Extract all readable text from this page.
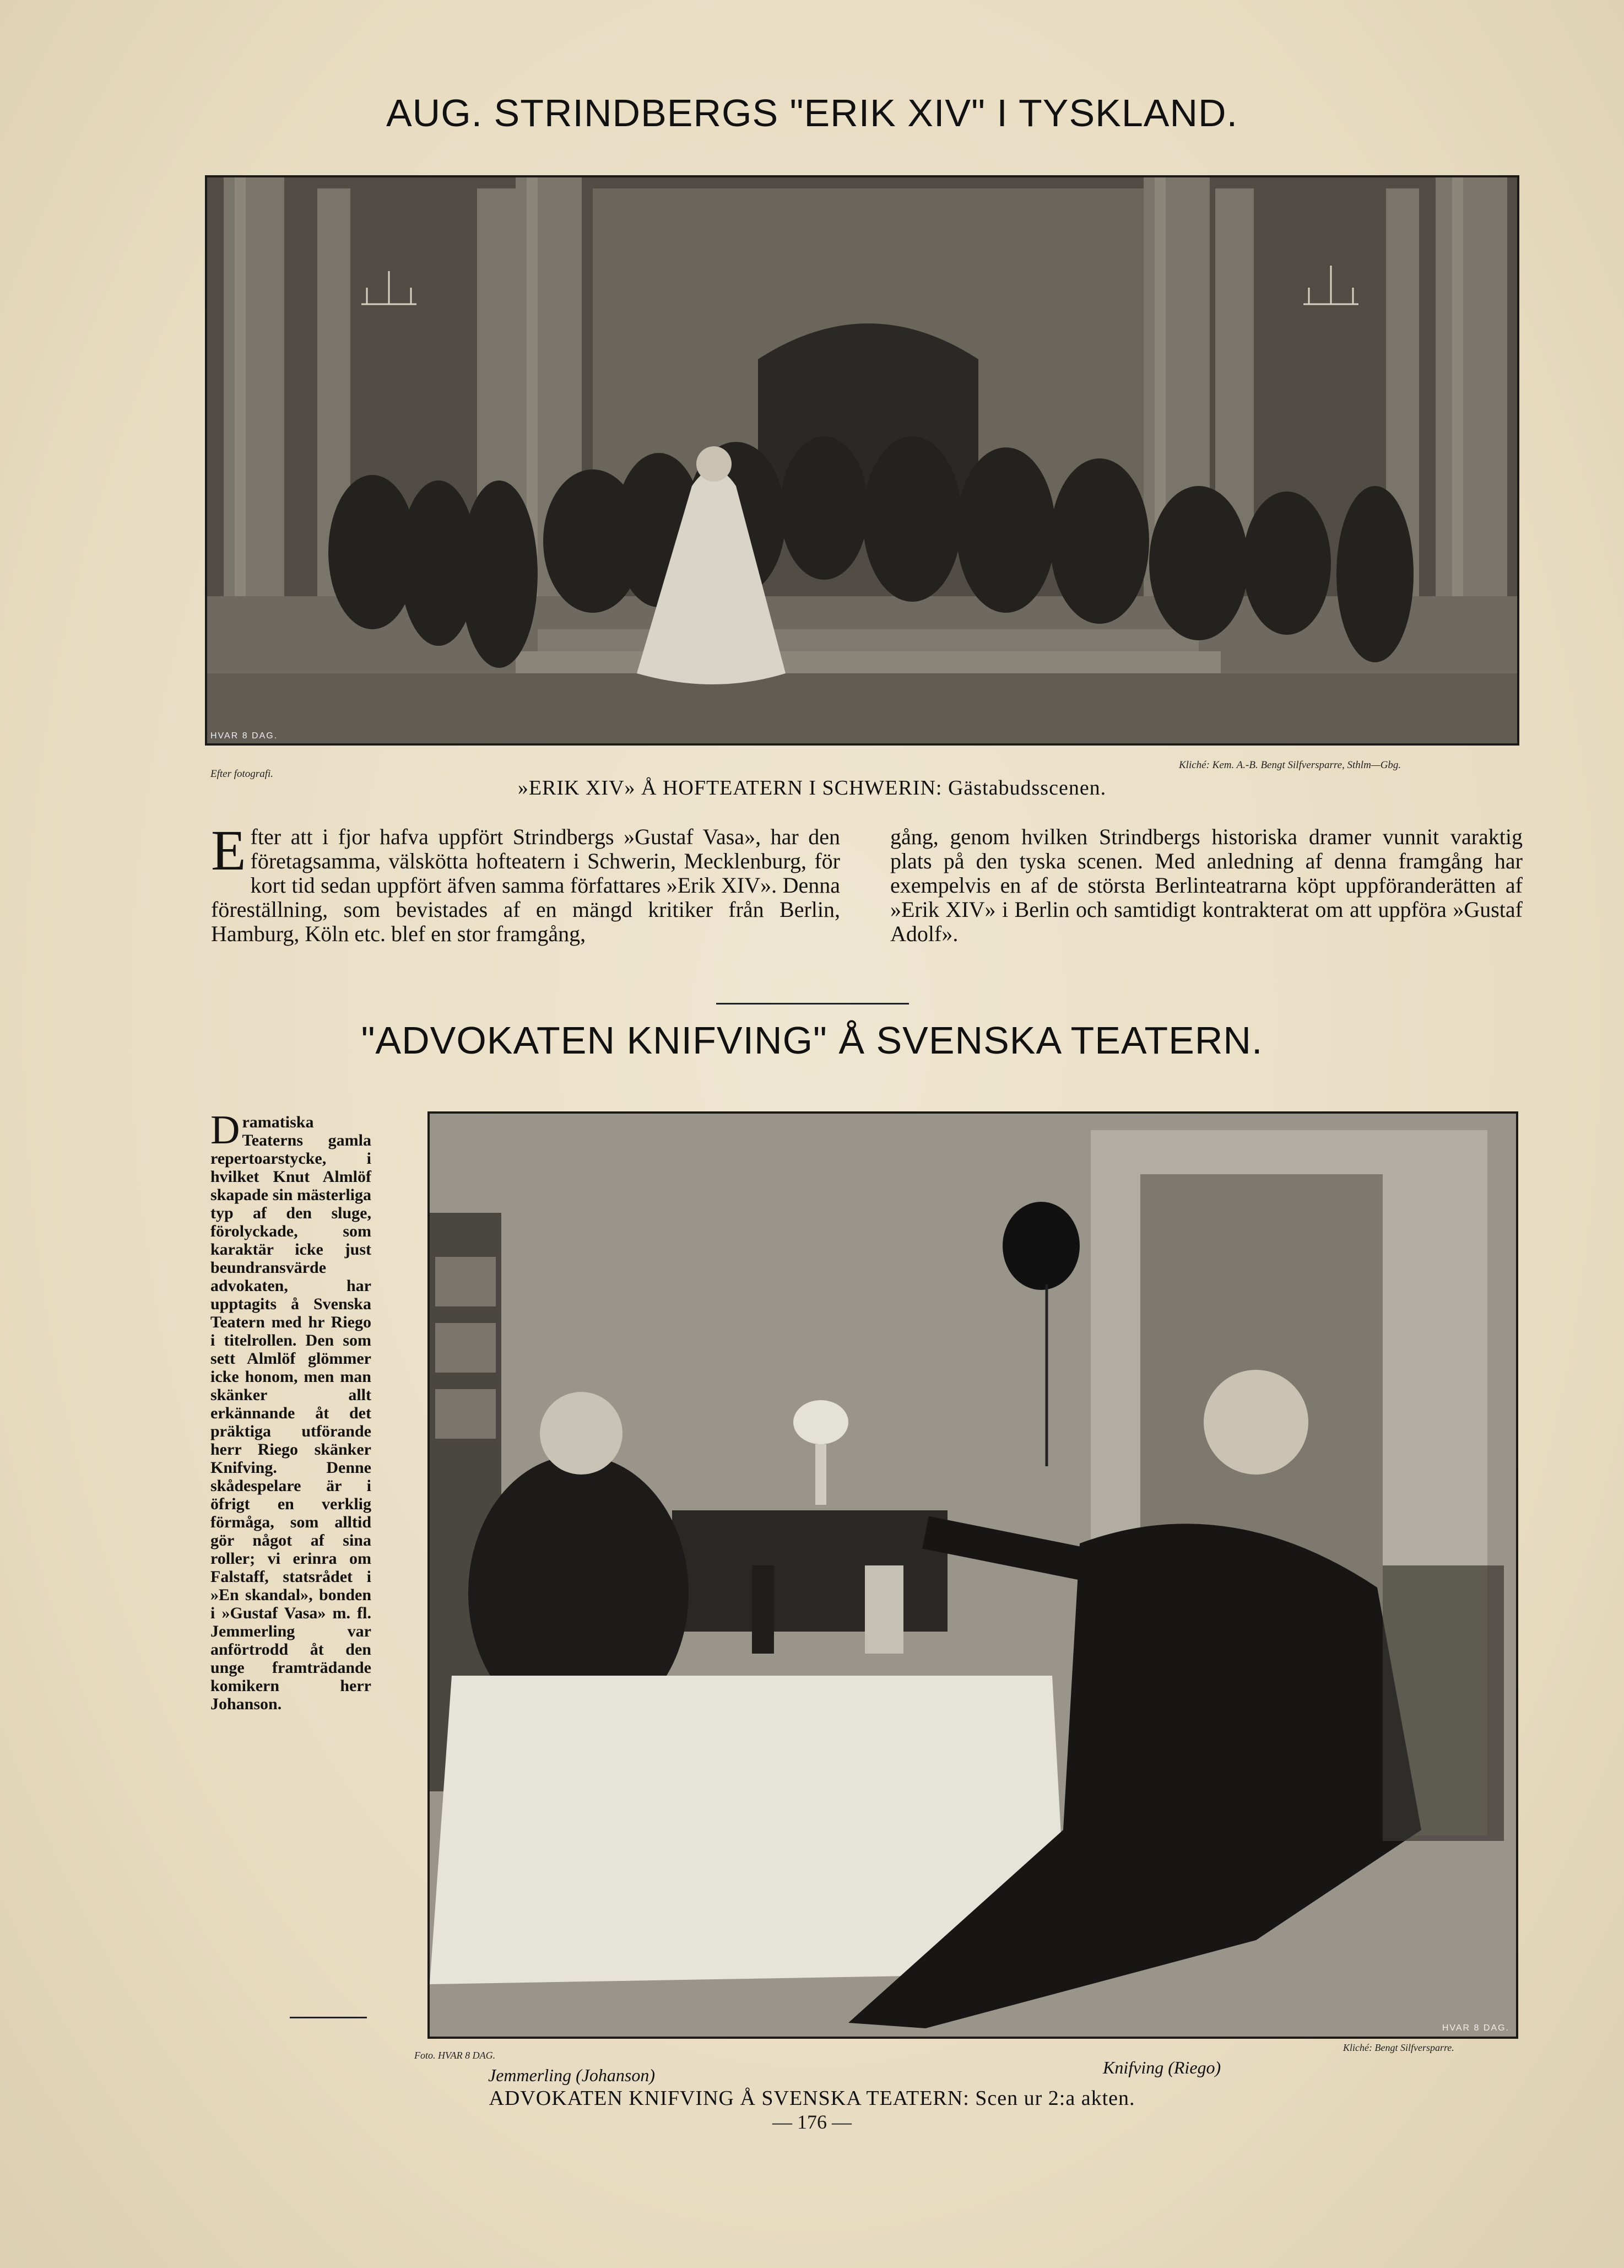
AUG. STRINDBERGS "ERIK XIV" I TYSKLAND.
HVAR 8 DAG.
Efter fotografi.
Kliché: Kem. A.-B. Bengt Silfversparre, Sthlm—Gbg.
»ERIK XIV» Å HOFTEATERN I SCHWERIN: Gästabudsscenen.
Efter att i fjor hafva uppfört Strindbergs »Gustaf Vasa», har den företagsamma, välskötta hofteatern i Schwerin, Mecklenburg, för kort tid sedan uppfört äfven samma författares »Erik XIV». Denna föreställning, som bevistades af en mängd kritiker från Berlin, Hamburg, Köln etc. blef en stor framgång,
gång, genom hvilken Strindbergs historiska dramer vunnit varaktig plats på den tyska scenen. Med anledning af denna framgång har exempelvis en af de största Berlinteatrarna köpt uppföranderätten af »Erik XIV» i Berlin och samtidigt kontrakterat om att uppföra »Gustaf Adolf».
"ADVOKATEN KNIFVING" Å SVENSKA TEATERN.
Dramatiska Teaterns gamla repertoarstycke, i hvilket Knut Almlöf skapade sin mästerliga typ af den sluge, förolyckade, som karaktär icke just beundransvärde advokaten, har upptagits å Svenska Teatern med hr Riego i titelrollen. Den som sett Almlöf glömmer icke honom, men man skänker allt erkännande åt det präktiga utförande herr Riego skänker Knifving. Denne skådespelare är i öfrigt en verklig förmåga, som alltid gör något af sina roller; vi erinra om Falstaff, statsrådet i »En skandal», bonden i »Gustaf Vasa» m. fl. Jemmerling var anförtrodd åt den unge framträdande komikern herr Johanson.
HVAR 8 DAG.
Foto. HVAR 8 DAG.
Kliché: Bengt Silfversparre.
Jemmerling (Johanson)	Knifving (Riego)
ADVOKATEN KNIFVING Å SVENSKA TEATERN: Scen ur 2:a akten.
— 176 —
